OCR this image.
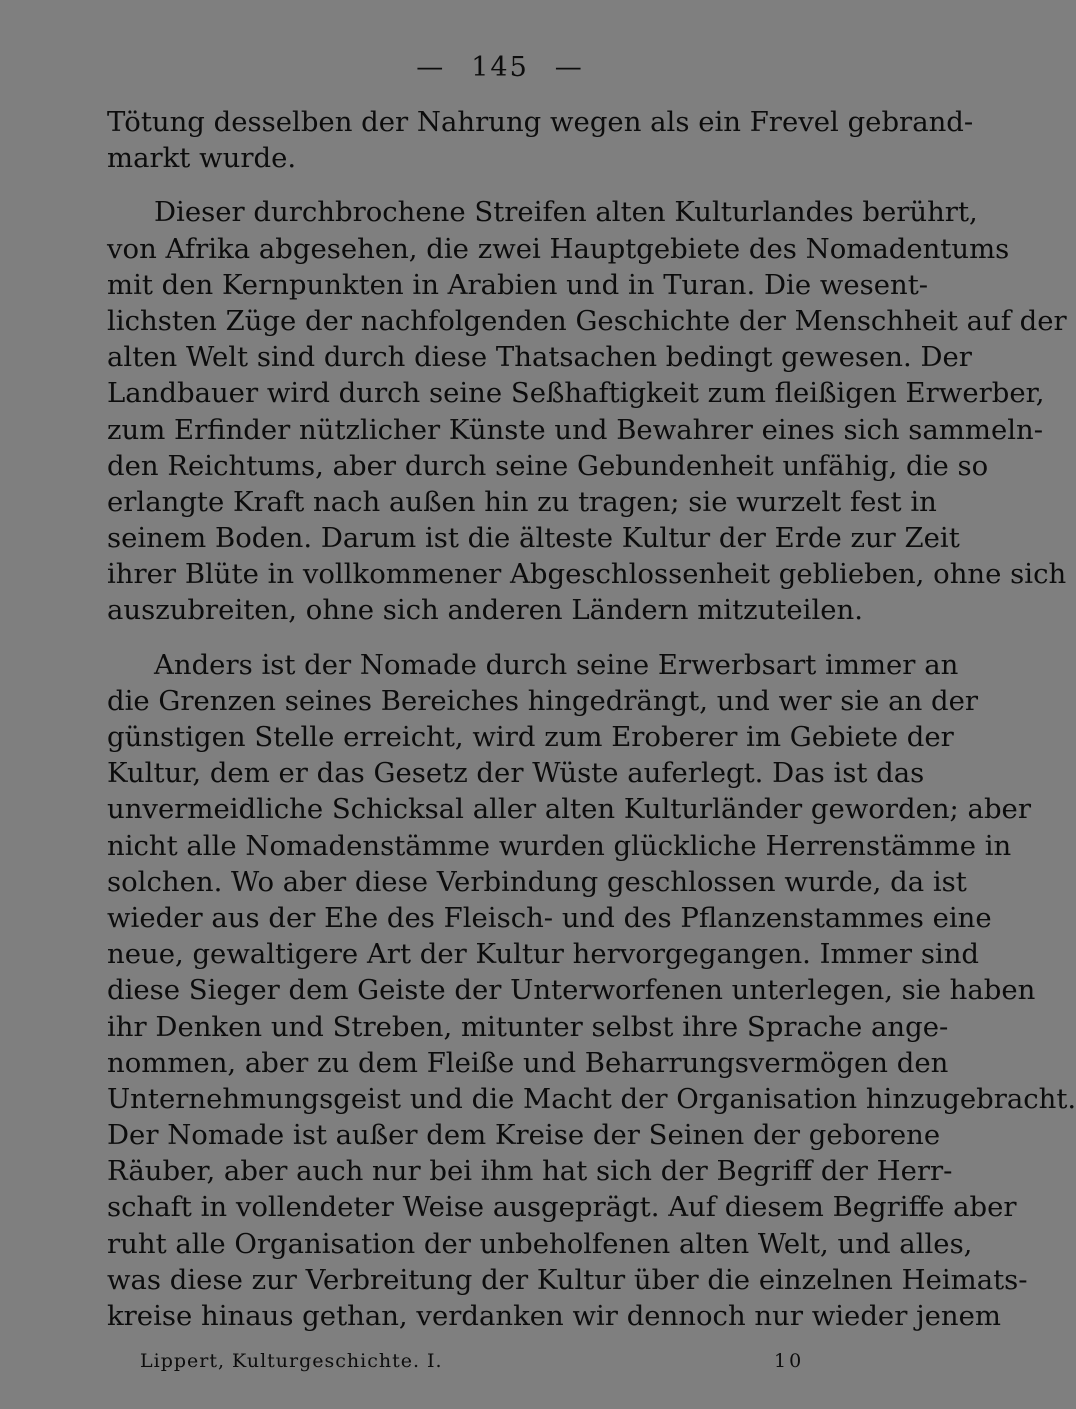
— 145 —
Tötung desselben der Nahrung wegen als ein Frevel gebrand-
markt wurde.
Dieser durchbrochene Streifen alten Kulturlandes berührt,
von Afrika abgesehen, die zwei Hauptgebiete des Nomadentums
mit den Kernpunkten in Arabien und in Turan. Die wesent-
lichsten Züge der nachfolgenden Geschichte der Menschheit auf der
alten Welt sind durch diese Thatsachen bedingt gewesen. Der
Landbauer wird durch seine Seßhaftigkeit zum fleißigen Erwerber,
zum Erfinder nützlicher Künste und Bewahrer eines sich sammeln-
den Reichtums, aber durch seine Gebundenheit unfähig, die so
erlangte Kraft nach außen hin zu tragen; sie wurzelt fest in
seinem Boden. Darum ist die älteste Kultur der Erde zur Zeit
ihrer Blüte in vollkommener Abgeschlossenheit geblieben, ohne sich
auszubreiten, ohne sich anderen Ländern mitzuteilen.
Anders ist der Nomade durch seine Erwerbsart immer an
die Grenzen seines Bereiches hingedrängt, und wer sie an der
günstigen Stelle erreicht, wird zum Eroberer im Gebiete der
Kultur, dem er das Gesetz der Wüste auferlegt. Das ist das
unvermeidliche Schicksal aller alten Kulturländer geworden; aber
nicht alle Nomadenstämme wurden glückliche Herrenstämme in
solchen. Wo aber diese Verbindung geschlossen wurde, da ist
wieder aus der Ehe des Fleisch- und des Pflanzenstammes eine
neue, gewaltigere Art der Kultur hervorgegangen. Immer sind
diese Sieger dem Geiste der Unterworfenen unterlegen, sie haben
ihr Denken und Streben, mitunter selbst ihre Sprache ange-
nommen, aber zu dem Fleiße und Beharrungsvermögen den
Unternehmungsgeist und die Macht der Organisation hinzugebracht.
Der Nomade ist außer dem Kreise der Seinen der geborene
Räuber, aber auch nur bei ihm hat sich der Begriff der Herr-
schaft in vollendeter Weise ausgeprägt. Auf diesem Begriffe aber
ruht alle Organisation der unbeholfenen alten Welt, und alles,
was diese zur Verbreitung der Kultur über die einzelnen Heimats-
kreise hinaus gethan, verdanken wir dennoch nur wieder jenem
Lippert, Kulturgeschichte. I.	10
